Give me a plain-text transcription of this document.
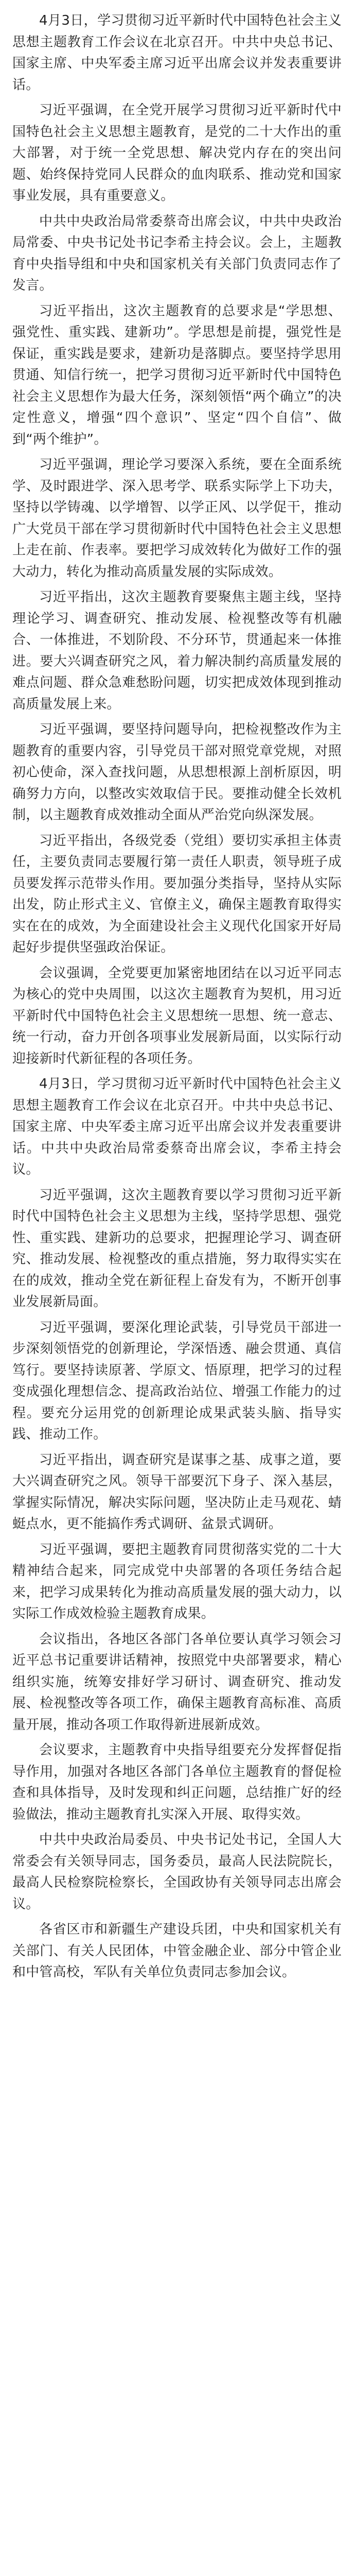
4月3日，学习贯彻习近平新时代中国特色社会主义思想主题教育工作会议在北京召开。中共中央总书记、国家主席、中央军委主席习近平出席会议并发表重要讲话。

习近平强调，在全党开展学习贯彻习近平新时代中国特色社会主义思想主题教育，是党的二十大作出的重大部署，对于统一全党思想、解决党内存在的突出问题、始终保持党同人民群众的血肉联系、推动党和国家事业发展，具有重要意义。

中共中央政治局常委蔡奇出席会议，中共中央政治局常委、中央书记处书记李希主持会议。会上，主题教育中央指导组和中央和国家机关有关部门负责同志作了发言。

习近平指出，这次主题教育的总要求是“学思想、强党性、重实践、建新功”。学思想是前提，强党性是保证，重实践是要求，建新功是落脚点。要坚持学思用贯通、知信行统一，把学习贯彻习近平新时代中国特色社会主义思想作为最大任务，深刻领悟“两个确立”的决定性意义，增强“四个意识”、坚定“四个自信”、做到“两个维护”。

习近平强调，理论学习要深入系统，要在全面系统学、及时跟进学、深入思考学、联系实际学上下功夫，坚持以学铸魂、以学增智、以学正风、以学促干，推动广大党员干部在学习贯彻新时代中国特色社会主义思想上走在前、作表率。要把学习成效转化为做好工作的强大动力，转化为推动高质量发展的实际成效。

习近平指出，这次主题教育要聚焦主题主线，坚持理论学习、调查研究、推动发展、检视整改等有机融合、一体推进，不划阶段、不分环节，贯通起来一体推进。要大兴调查研究之风，着力解决制约高质量发展的难点问题、群众急难愁盼问题，切实把成效体现到推动高质量发展上来。

习近平强调，要坚持问题导向，把检视整改作为主题教育的重要内容，引导党员干部对照党章党规，对照初心使命，深入查找问题，从思想根源上剖析原因，明确努力方向，以整改实效取信于民。要推动健全长效机制，以主题教育成效推动全面从严治党向纵深发展。

习近平指出，各级党委（党组）要切实承担主体责任，主要负责同志要履行第一责任人职责，领导班子成员要发挥示范带头作用。要加强分类指导，坚持从实际出发，防止形式主义、官僚主义，确保主题教育取得实实在在的成效，为全面建设社会主义现代化国家开好局起好步提供坚强政治保证。

会议强调，全党要更加紧密地团结在以习近平同志为核心的党中央周围，以这次主题教育为契机，用习近平新时代中国特色社会主义思想统一思想、统一意志、统一行动，奋力开创各项事业发展新局面，以实际行动迎接新时代新征程的各项任务。

4月3日，学习贯彻习近平新时代中国特色社会主义思想主题教育工作会议在北京召开。中共中央总书记、国家主席、中央军委主席习近平出席会议并发表重要讲话。中共中央政治局常委蔡奇出席会议，李希主持会议。

习近平强调，这次主题教育要以学习贯彻习近平新时代中国特色社会主义思想为主线，坚持学思想、强党性、重实践、建新功的总要求，把握理论学习、调查研究、推动发展、检视整改的重点措施，努力取得实实在在的成效，推动全党在新征程上奋发有为，不断开创事业发展新局面。

习近平强调，要深化理论武装，引导党员干部进一步深刻领悟党的创新理论，学深悟透、融会贯通、真信笃行。要坚持读原著、学原文、悟原理，把学习的过程变成强化理想信念、提高政治站位、增强工作能力的过程。要充分运用党的创新理论成果武装头脑、指导实践、推动工作。

习近平指出，调查研究是谋事之基、成事之道，要大兴调查研究之风。领导干部要沉下身子、深入基层，掌握实际情况，解决实际问题，坚决防止走马观花、蜻蜓点水，更不能搞作秀式调研、盆景式调研。

习近平强调，要把主题教育同贯彻落实党的二十大精神结合起来，同完成党中央部署的各项任务结合起来，把学习成果转化为推动高质量发展的强大动力，以实际工作成效检验主题教育成果。

会议指出，各地区各部门各单位要认真学习领会习近平总书记重要讲话精神，按照党中央部署要求，精心组织实施，统筹安排好学习研讨、调查研究、推动发展、检视整改等各项工作，确保主题教育高标准、高质量开展，推动各项工作取得新进展新成效。

会议要求，主题教育中央指导组要充分发挥督促指导作用，加强对各地区各部门各单位主题教育的督促检查和具体指导，及时发现和纠正问题，总结推广好的经验做法，推动主题教育扎实深入开展、取得实效。

中共中央政治局委员、中央书记处书记，全国人大常委会有关领导同志，国务委员，最高人民法院院长，最高人民检察院检察长，全国政协有关领导同志出席会议。

各省区市和新疆生产建设兵团，中央和国家机关有关部门、有关人民团体，中管金融企业、部分中管企业和中管高校，军队有关单位负责同志参加会议。
